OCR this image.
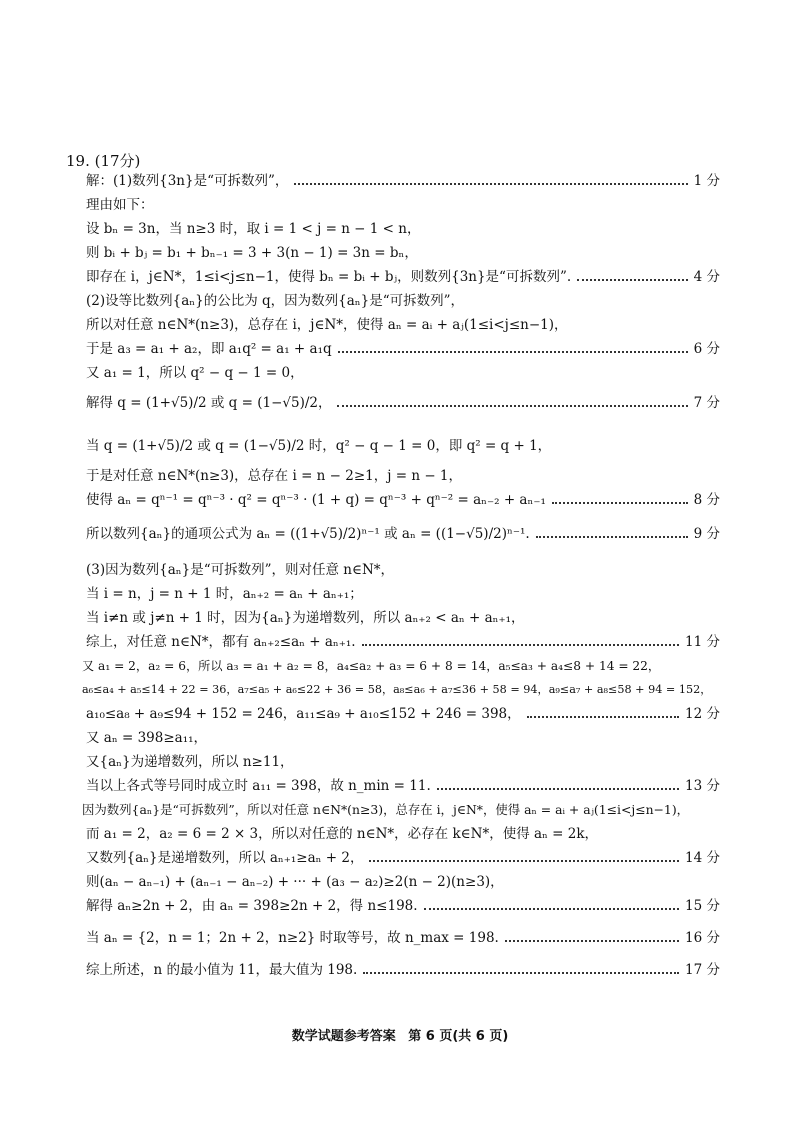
19. (17分)
解：(1)数列{3n}是“可拆数列”，	1 分
理由如下：
设 bₙ = 3n，当 n≥3 时，取 i = 1 < j = n − 1 < n，
则 bᵢ + bⱼ = b₁ + bₙ₋₁ = 3 + 3(n − 1) = 3n = bₙ，
即存在 i，j∈N*，1≤i<j≤n−1，使得 bₙ = bᵢ + bⱼ，则数列{3n}是“可拆数列”.	4 分
(2)设等比数列{aₙ}的公比为 q，因为数列{aₙ}是“可拆数列”，
所以对任意 n∈N*(n≥3)，总存在 i，j∈N*，使得 aₙ = aᵢ + aⱼ(1≤i<j≤n−1)，
于是 a₃ = a₁ + a₂，即 a₁q² = a₁ + a₁q	6 分
又 a₁ = 1，所以 q² − q − 1 = 0，
解得 q = (1+√5)/2 或 q = (1−√5)/2，	7 分
当 q = (1+√5)/2 或 q = (1−√5)/2 时，q² − q − 1 = 0，即 q² = q + 1，
于是对任意 n∈N*(n≥3)，总存在 i = n − 2≥1，j = n − 1，
使得 aₙ = qⁿ⁻¹ = qⁿ⁻³ · q² = qⁿ⁻³ · (1 + q) = qⁿ⁻³ + qⁿ⁻² = aₙ₋₂ + aₙ₋₁	8 分
所以数列{aₙ}的通项公式为 aₙ = ((1+√5)/2)ⁿ⁻¹ 或 aₙ = ((1−√5)/2)ⁿ⁻¹.	9 分
(3)因为数列{aₙ}是“可拆数列”，则对任意 n∈N*，
当 i = n，j = n + 1 时，aₙ₊₂ = aₙ + aₙ₊₁；
当 i≠n 或 j≠n + 1 时，因为{aₙ}为递增数列，所以 aₙ₊₂ < aₙ + aₙ₊₁，
综上，对任意 n∈N*，都有 aₙ₊₂≤aₙ + aₙ₊₁.	11 分
又 a₁ = 2，a₂ = 6，所以 a₃ = a₁ + a₂ = 8，a₄≤a₂ + a₃ = 6 + 8 = 14，a₅≤a₃ + a₄≤8 + 14 = 22，
a₆≤a₄ + a₅≤14 + 22 = 36，a₇≤a₅ + a₆≤22 + 36 = 58，a₈≤a₆ + a₇≤36 + 58 = 94，a₉≤a₇ + a₈≤58 + 94 = 152，
a₁₀≤a₈ + a₉≤94 + 152 = 246，a₁₁≤a₉ + a₁₀≤152 + 246 = 398，	12 分
又 aₙ = 398≥a₁₁，
又{aₙ}为递增数列，所以 n≥11，
当以上各式等号同时成立时 a₁₁ = 398，故 n_min = 11.	13 分
因为数列{aₙ}是“可拆数列”，所以对任意 n∈N*(n≥3)，总存在 i，j∈N*，使得 aₙ = aᵢ + aⱼ(1≤i<j≤n−1)，
而 a₁ = 2，a₂ = 6 = 2 × 3，所以对任意的 n∈N*，必存在 k∈N*，使得 aₙ = 2k，
又数列{aₙ}是递增数列，所以 aₙ₊₁≥aₙ + 2，	14 分
则(aₙ − aₙ₋₁) + (aₙ₋₁ − aₙ₋₂) + ··· + (a₃ − a₂)≥2(n − 2)(n≥3)，
解得 aₙ≥2n + 2，由 aₙ = 398≥2n + 2，得 n≤198.	15 分
当 aₙ = {2，n = 1；2n + 2，n≥2} 时取等号，故 n_max = 198.	16 分
综上所述，n 的最小值为 11，最大值为 198.	17 分
数学试题参考答案 第 6 页(共 6 页)
